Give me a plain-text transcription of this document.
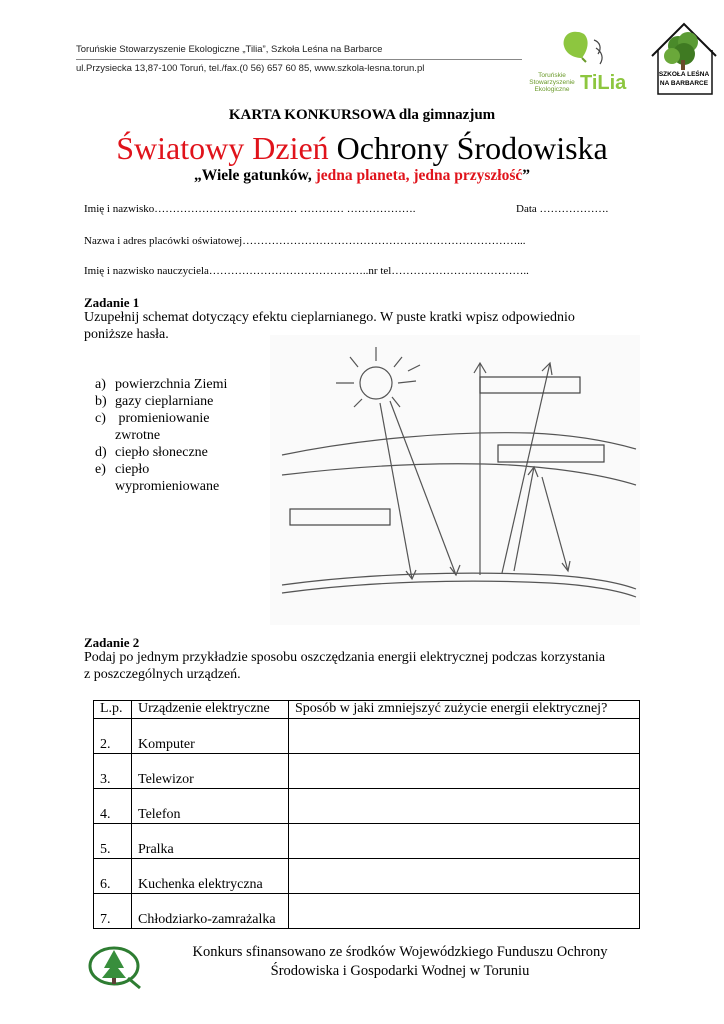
Toruńskie Stowarzyszenie Ekologiczne „Tilia”, Szkoła Leśna na Barbarce
ul.Przysiecka 13,87-100 Toruń, tel./fax.(0 56) 657 60 85, www.szkola-lesna.torun.pl
Toruńskie
Stowarzyszenie
Ekologiczne TiLia	SZKOŁA LEŚNA
NA BARBARCE
KARTA KONKURSOWA dla gimnazjum
Światowy Dzień Ochrony Środowiska
„Wiele gatunków, jedna planeta, jedna przyszłość”
Imię i nazwisko………………………………… ………… ……………….	Data ……………….
Nazwa i adres placówki oświatowej…………………………………………………………………...
Imię i nazwisko nauczyciela……………………………………..nr tel………………………………..
Zadanie 1
Uzupełnij schemat dotyczący efektu cieplarnianego. W puste kratki wpisz odpowiednio
poniższe hasła.
a) powierzchnia Ziemi
b) gazy cieplarniane
c) promieniowanie
zwrotne
d) ciepło słoneczne
e) ciepło
wypromieniowane
Zadanie 2
Podaj po jednym przykładzie sposobu oszczędzania energii elektrycznej podczas korzystania
z poszczególnych urządzeń.
L.p.	Urządzenie elektryczne	Sposób w jaki zmniejszyć zużycie energii elektrycznej?
2.	Komputer	
3.	Telewizor	
4.	Telefon	
5.	Pralka	
6.	Kuchenka elektryczna	
7.	Chłodziarko-zamrażalka	
Konkurs sfinansowano ze środków Wojewódzkiego Funduszu Ochrony
Środowiska i Gospodarki Wodnej w Toruniu
